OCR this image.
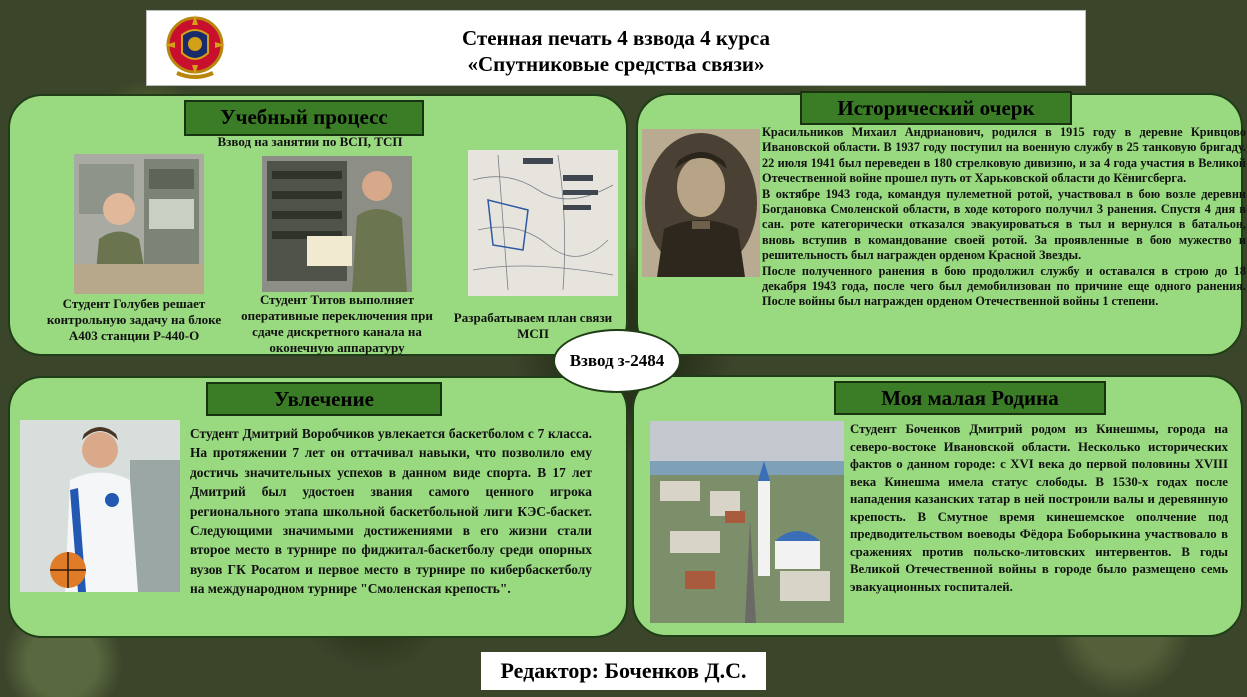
Стенная печать 4 взвода 4 курса
«Спутниковые средства связи»
Учебный процесс
Взвод на занятии по ВСП, ТСП
Студент Голубев решает контрольную задачу на блоке А403 станции Р-440-О
Студент Титов выполняет оперативные переключения при сдаче дискретного канала на оконечную аппаратуру
Разрабатываем план связи МСП
Исторический очерк

Красильников Михаил Андрианович, родился в 1915 году в деревне Кривцово Ивановской области. В 1937 году поступил на военную службу в 25 танковую бригаду. 22 июля 1941 был переведен в 180 стрелковую дивизию, и за 4 года участия в Великой Отечественной войне прошел путь от Харьковской области до Кёнигсберга.

В октябре 1943 года, командуя пулеметной ротой, участвовал в бою возле деревни Богдановка Смоленской области, в ходе которого получил 3 ранения. Спустя 4 дня в сан. роте категорически отказался эвакуироваться в тыл и вернулся в батальон, вновь вступив в командование своей ротой. За проявленные в бою мужество и решительность был награжден орденом Красной Звезды.

После полученного ранения в бою продолжил службу и оставался в строю до 18 декабря 1943 года, после чего был демобилизован по причине еще одного ранения. После войны был награжден орденом Отечественной войны 1 степени.

Увлечение
Студент Дмитрий Воробчиков увлекается баскетболом с 7 класса. На протяжении 7 лет он оттачивал навыки, что позволило ему достичь значительных успехов в данном виде спорта. В 17 лет Дмитрий был удостоен звания самого ценного игрока регионального этапа школьной баскетбольной лиги КЭС-баскет. Следующими значимыми достижениями в его жизни стали второе место в турнире по фиджитал-баскетболу среди опорных вузов ГК Росатом и первое место в турнире по кибербаскетболу на международном турнире "Смоленская крепость".
Моя малая Родина
Студент Боченков Дмитрий родом из Кинешмы, города на северо-востоке Ивановской области. Несколько исторических фактов о данном городе: с XVI века до первой половины XVIII века Кинешма имела статус слободы. В 1530-х годах после нападения казанских татар в ней построили валы и деревянную крепость. В Смутное время кинешемское ополчение под предводительством воеводы Фёдора Боборыкина участвовало в сражениях против польско-литовских интервентов. В годы Великой Отечественной войны в городе было размещено семь эвакуационных госпиталей.
Взвод з-2484
Редактор: Боченков Д.С.
